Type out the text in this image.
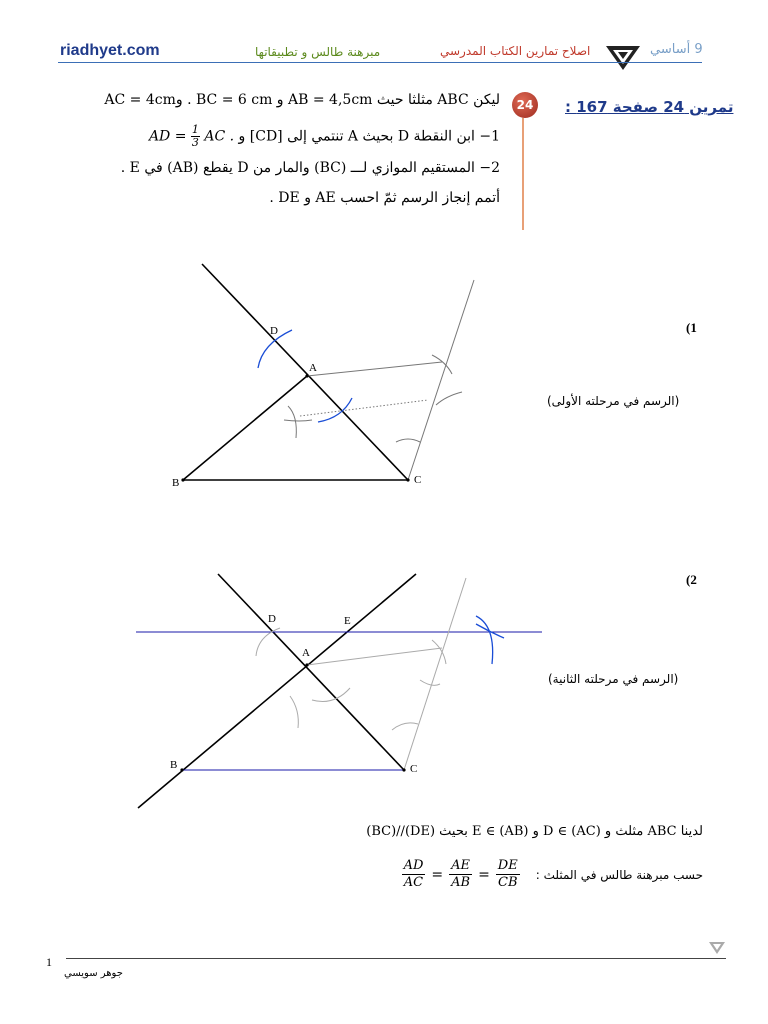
riadhyet.com	مبرهنة طالس و تطبيقاتها	اصلاح تمارين الكتاب المدرسي	9 أساسي
تمرين 24 صفحة 167 :
24
ليكن ABC مثلثا حيث AB = 4,5cm و BC = 6 cm . وAC = 4cm
1− ابن النقطة D بحيث A تنتمي إلى [CD] و AD = $\frac{1}{3}$ AC .
2− المستقيم الموازي لـــ (BC) والمار من D يقطع (AB) في E .
أتمم إنجاز الرسم ثمّ احسب AE و DE .
(1
(الرسم في مرحلته الأولى)
D
A
B	C
(2
(الرسم في مرحلته الثانية)
D	E
A
B	C
لدينا ABC مثلث و D ∈ (AC) و E ∈ (AB) بحيث (DE)//(BC)
$\frac{AD}{AC} = \frac{AE}{AB} = \frac{DE}{CB}$ حسب مبرهنة طالس في المثلث :
1
جوهر سويسي
